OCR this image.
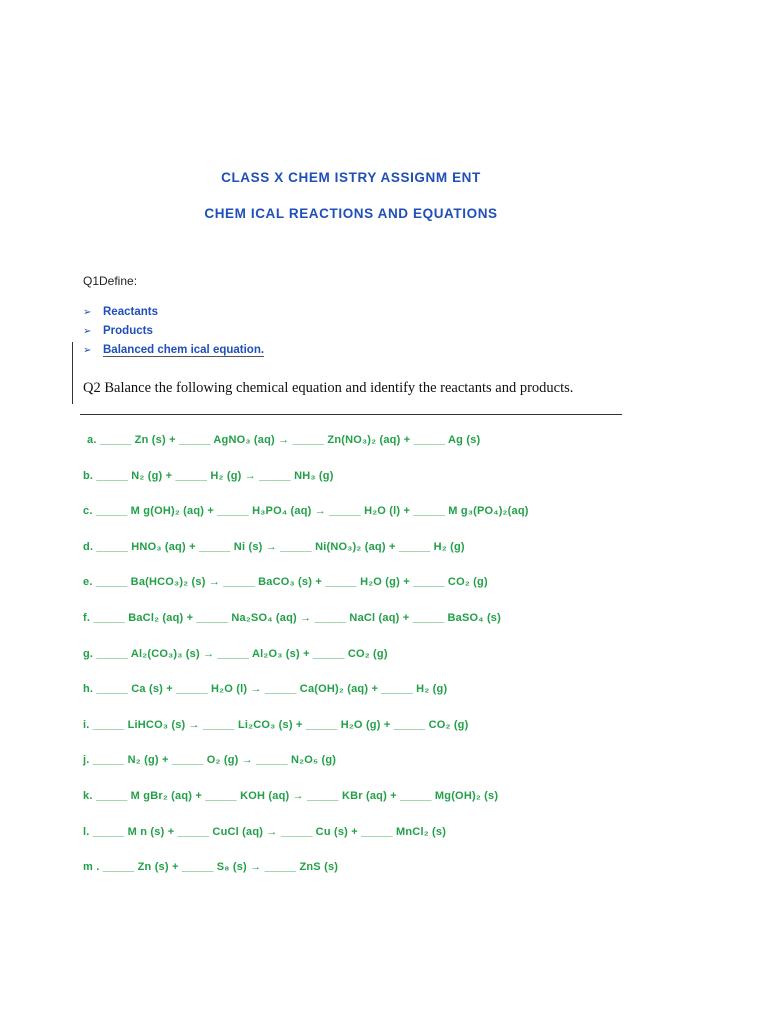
CLASS X CHEM ISTRY ASSIGNM ENT
CHEM ICAL REACTIONS AND EQUATIONS
Q1Define:
➢ Reactants
➢ Products
➢ Balanced chem ical equation.
Q2 Balance the following chemical equation and identify the reactants and products.
a. _____ Zn (s) + _____ AgNO₃ (aq) → _____ Zn(NO₃)₂ (aq) + _____ Ag (s)
b. _____ N₂ (g) + _____ H₂ (g) → _____ NH₃ (g)
c. _____ M g(OH)₂ (aq) + _____ H₃PO₄ (aq) → _____ H₂O (l) + _____ M g₃(PO₄)₂(aq)
d. _____ HNO₃ (aq) + _____ Ni (s) → _____ Ni(NO₃)₂ (aq) + _____ H₂ (g)
e. _____ Ba(HCO₃)₂ (s) → _____ BaCO₃ (s) + _____ H₂O (g) + _____ CO₂ (g)
f. _____ BaCl₂ (aq) + _____ Na₂SO₄ (aq) → _____ NaCl (aq) + _____ BaSO₄ (s)
g. _____ Al₂(CO₃)₃ (s) → _____ Al₂O₃ (s) + _____ CO₂ (g)
h. _____ Ca (s) + _____ H₂O (l) → _____ Ca(OH)₂ (aq) + _____ H₂ (g)
i. _____ LiHCO₃ (s) → _____ Li₂CO₃ (s) + _____ H₂O (g) + _____ CO₂ (g)
j. _____ N₂ (g) + _____ O₂ (g) → _____ N₂O₅ (g)
k. _____ M gBr₂ (aq) + _____ KOH (aq) → _____ KBr (aq) + _____ Mg(OH)₂ (s)
l. _____ M n (s) + _____ CuCl (aq) → _____ Cu (s) + _____ MnCl₂ (s)
m . _____ Zn (s) + _____ S₈ (s) → _____ ZnS (s)
